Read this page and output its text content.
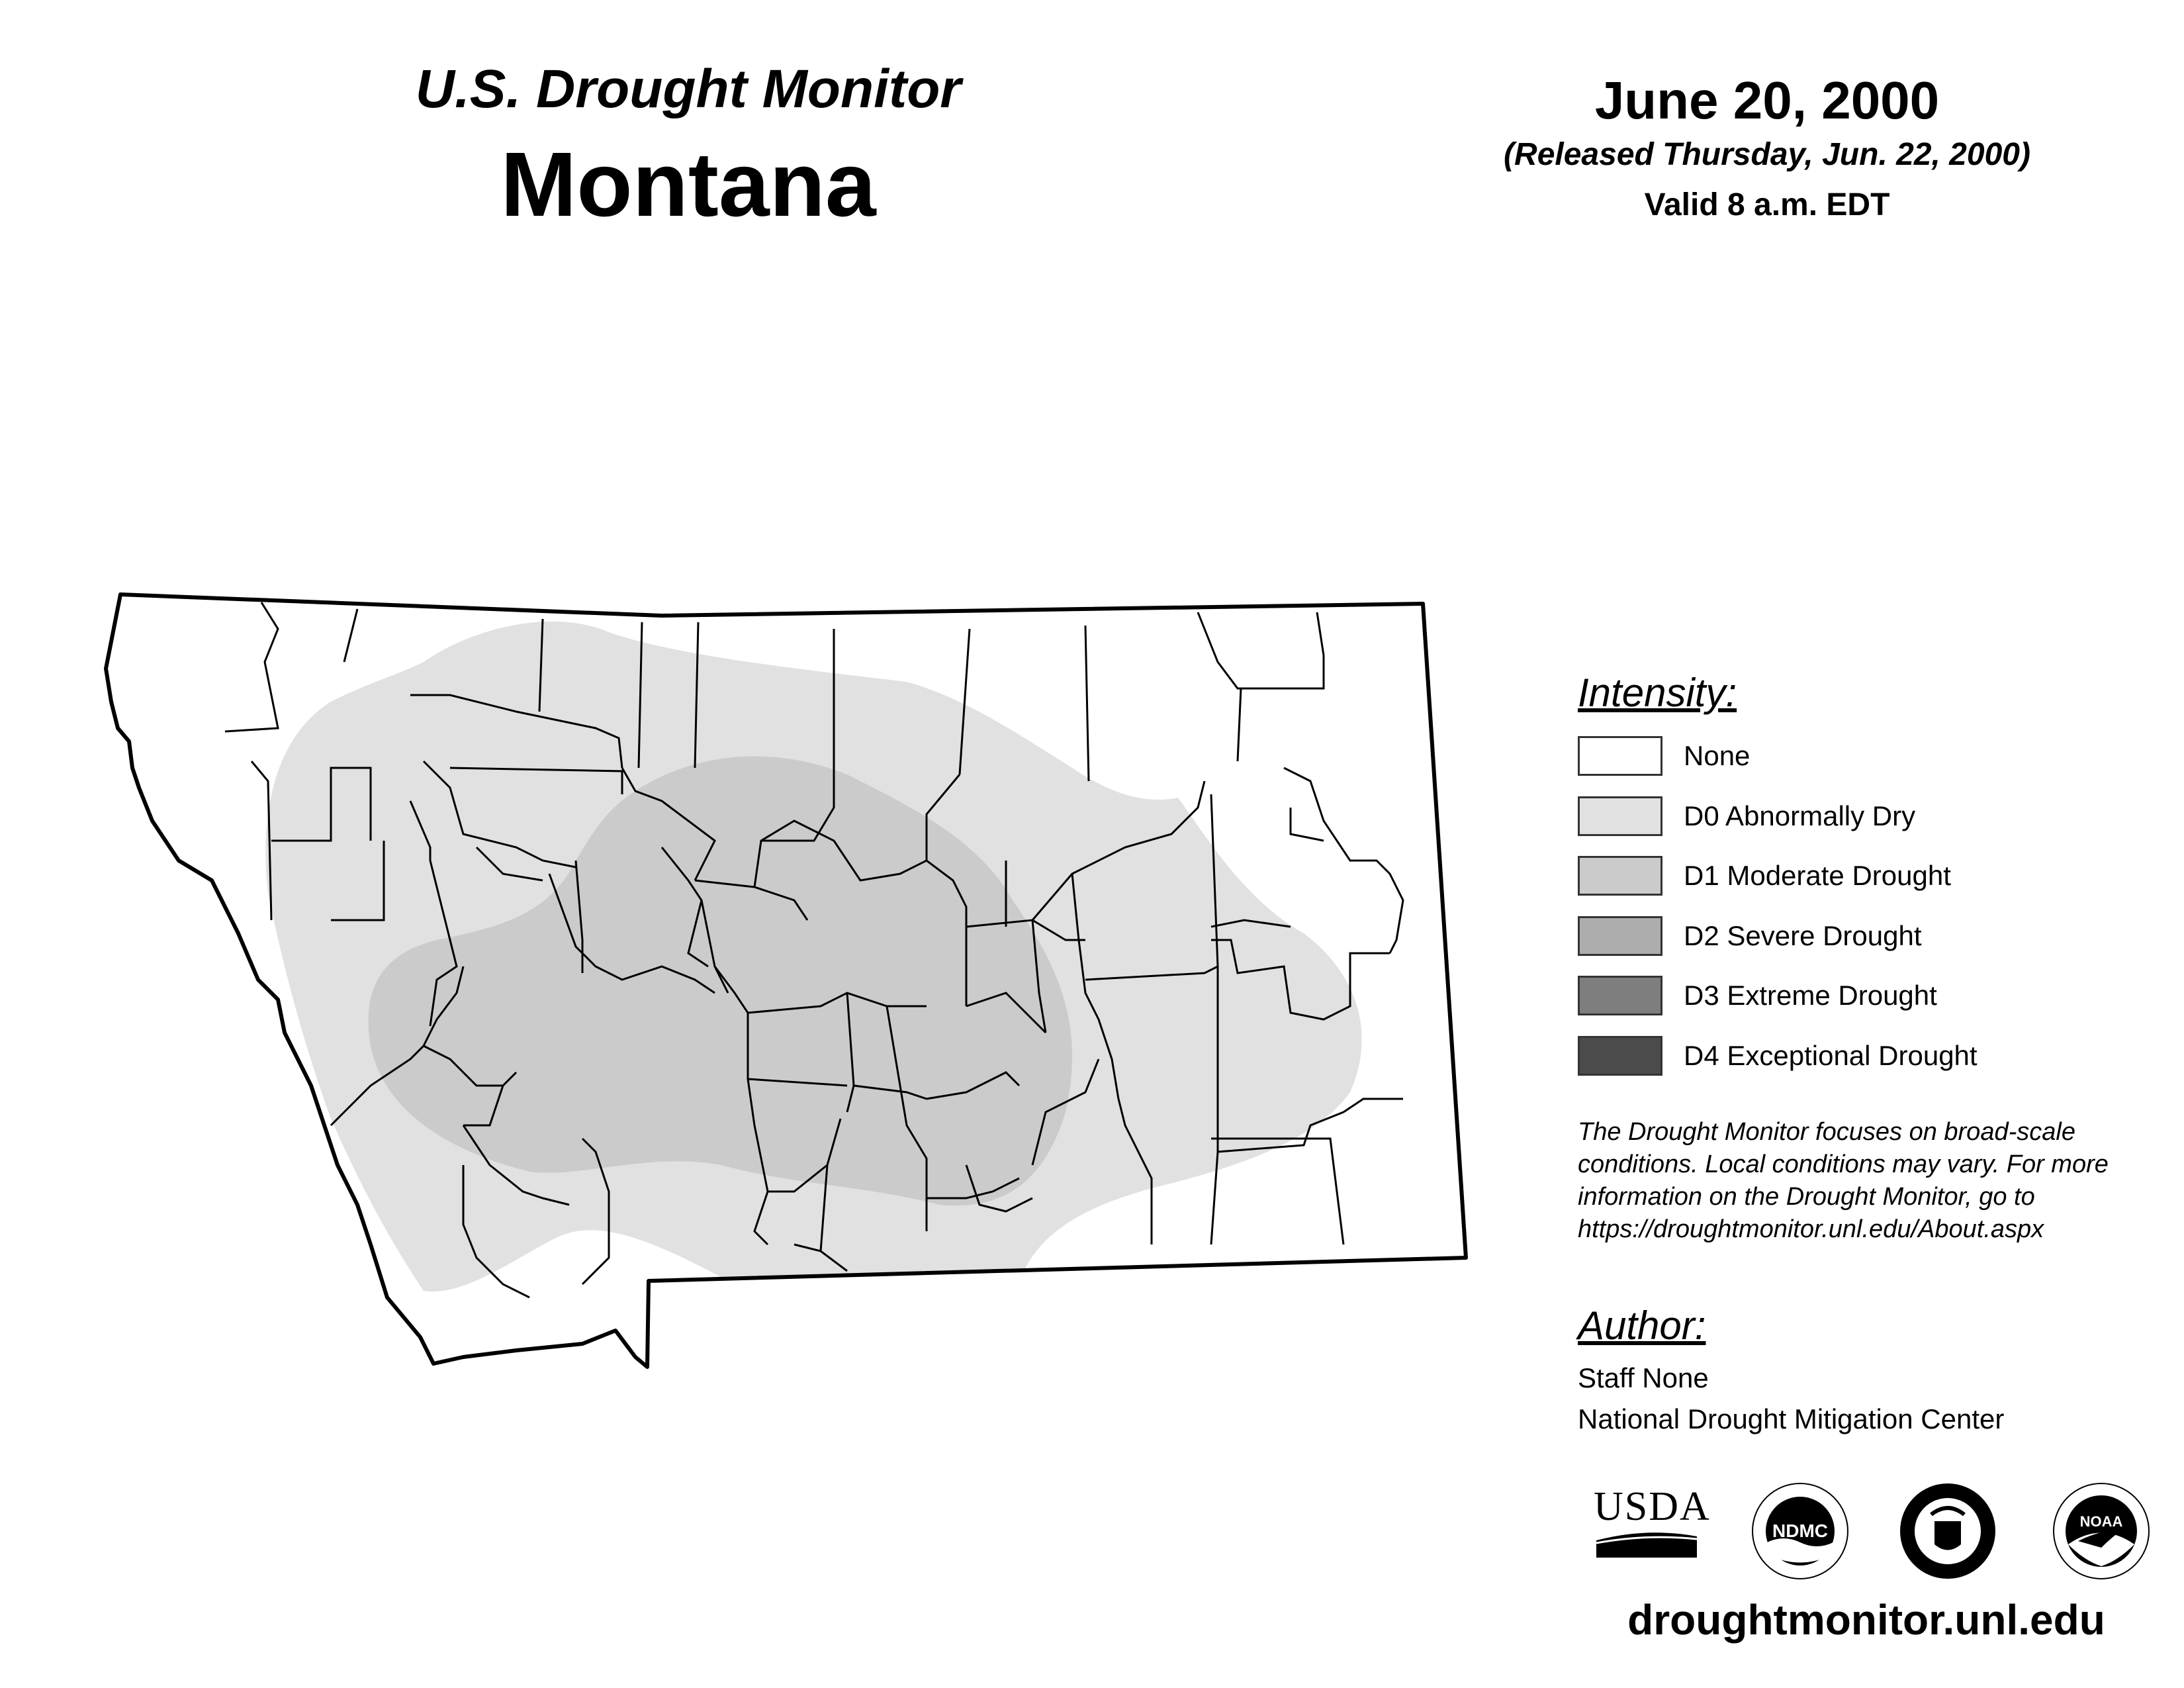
U.S. Drought Monitor
Montana
June 20, 2000
(Released Thursday, Jun. 22, 2000)
Valid 8 a.m. EDT
Intensity:
None
D0 Abnormally Dry
D1 Moderate Drought
D2 Severe Drought
D3 Extreme Drought
D4 Exceptional Drought
The Drought Monitor focuses on broad-scale
conditions. Local conditions may vary. For more
information on the Drought Monitor, go to
https://droughtmonitor.unl.edu/About.aspx
Author:
Staff None
National Drought Mitigation Center
USDA
NDMC	NOAA
droughtmonitor.unl.edu
